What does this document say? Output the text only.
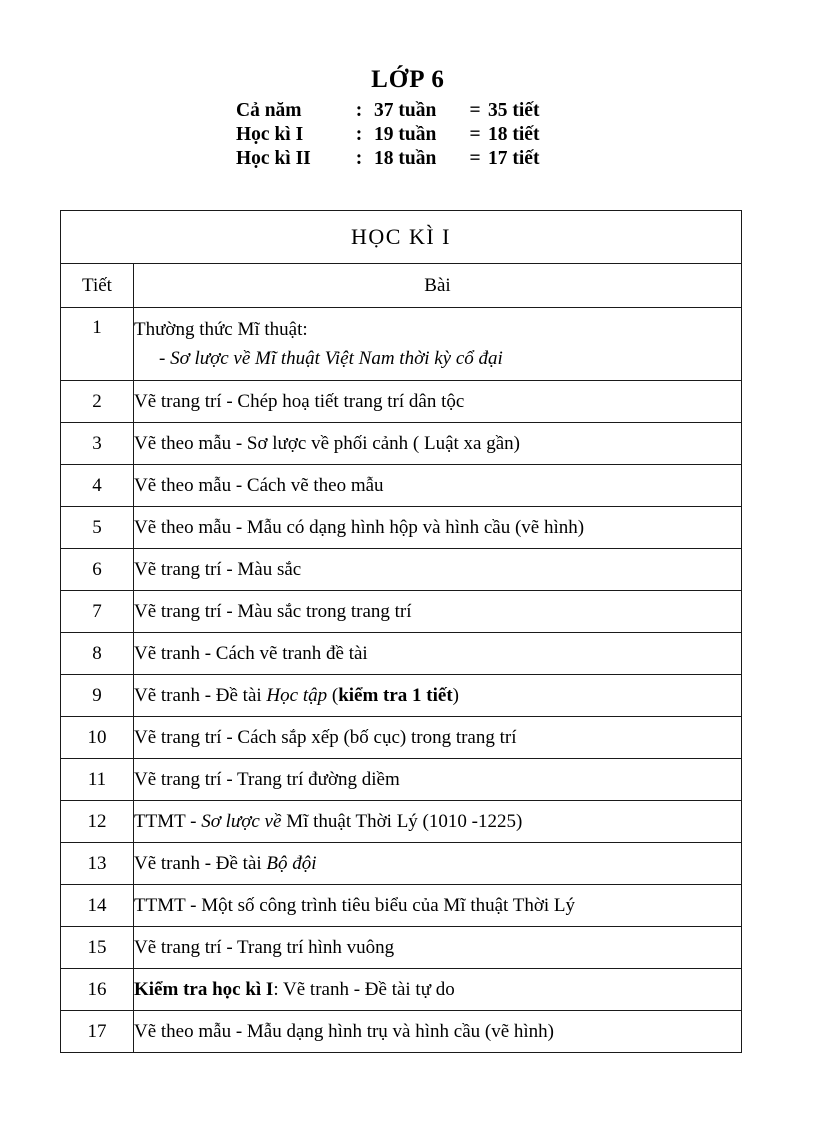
LỚP 6
Cả năm	: 37 tuần	= 35 tiết
Học kì I	: 19 tuần	= 18 tiết
Học kì II	: 18 tuần	= 17 tiết
HỌC KÌ I	
Tiết	Bài
1	Thường thức Mĩ thuật:
- Sơ lược về Mĩ thuật Việt Nam thời kỳ cổ đại

2	Vẽ trang trí - Chép hoạ tiết trang trí dân tộc
3	Vẽ theo mẫu - Sơ lược về phối cảnh ( Luật xa gần)
4	Vẽ theo mẫu - Cách vẽ theo mẫu
5	Vẽ theo mẫu - Mẫu có dạng hình hộp và hình cầu (vẽ hình)
6	Vẽ trang trí - Màu sắc
7	Vẽ trang trí - Màu sắc trong trang trí
8	Vẽ tranh - Cách vẽ tranh đề tài
9	Vẽ tranh - Đề tài Học tập (kiểm tra 1 tiết)
10	Vẽ trang trí - Cách sắp xếp (bố cục) trong trang trí
11	Vẽ trang trí - Trang trí đường diềm
12	TTMT - Sơ lược về Mĩ thuật Thời Lý (1010 -1225)
13	Vẽ tranh - Đề tài Bộ đội
14	TTMT - Một số công trình tiêu biểu của Mĩ thuật Thời Lý
15	Vẽ trang trí - Trang trí hình vuông
16	Kiểm tra học kì I: Vẽ tranh - Đề tài tự do
17	Vẽ theo mẫu - Mẫu dạng hình trụ và hình cầu (vẽ hình)
